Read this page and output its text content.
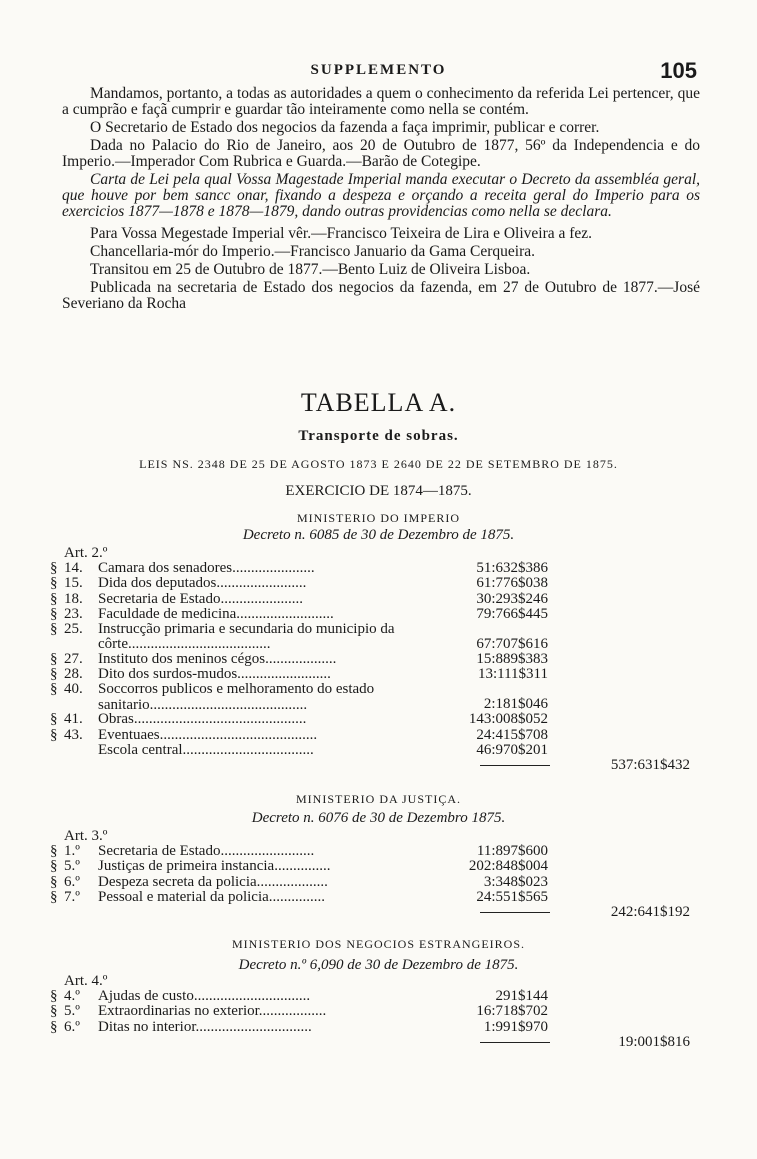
SUPPLEMENTO	105

Mandamos, portanto, a todas as autoridades a quem o conhecimento da referida Lei pertencer, que a cumprão e façã cumprir e guardar tão inteiramente como nella se contém.

O Secretario de Estado dos negocios da fazenda a faça imprimir, publicar e correr.

Dada no Palacio do Rio de Janeiro, aos 20 de Outubro de 1877, 56º da Independencia e do Imperio.—Imperador Com Rubrica e Guarda.—Barão de Cotegipe.

Carta de Lei pela qual Vossa Magestade Imperial manda executar o Decreto da assembléa geral, que houve por bem sancc onar, fixando a despeza e orçando a receita geral do Imperio para os exercicios 1877—1878 e 1878—1879, dando outras providencias como nella se declara.

Para Vossa Megestade Imperial vêr.—Francisco Teixeira de Lira e Oliveira a fez.

Chancellaria-mór do Imperio.—Francisco Januario da Gama Cerqueira.

Transitou em 25 de Outubro de 1877.—Bento Luiz de Oliveira Lisboa.

Publicada na secretaria de Estado dos negocios da fazenda, em 27 de Outubro de 1877.—José Severiano da Rocha

TABELLA A.
Transporte de sobras.
LEIS NS. 2348 DE 25 DE AGOSTO 1873 E 2640 DE 22 DE SETEMBRO DE 1875.
EXERCICIO DE 1874—1875.
MINISTERIO DO IMPERIO
Decreto n. 6085 de 30 de Dezembro de 1875.
Art. 2.º
§ 14. Camara dos senadores......................	51:632$386
§ 15. Dida dos deputados........................	61:776$038
§ 18. Secretaria de Estado......................	30:293$246
§ 23. Faculdade de medicina..........................	79:766$445
§ 25. Instrucção primaria e secundaria do municipio da côrte......................................	67:707$616
§ 27. Instituto dos meninos cégos...................	15:889$383
§ 28. Dito dos surdos-mudos.........................	13:111$311
§ 40. Soccorros publicos e melhoramento do estado sanitario..........................................	2:181$046
§ 41. Obras..............................................	143:008$052
§ 43. Eventuaes..........................................	24:415$708
Escola central...................................	46:970$201
537:631$432
MINISTERIO DA JUSTIÇA.
Decreto n. 6076 de 30 de Dezembro 1875.
Art. 3.º
§ 1.º Secretaria de Estado.........................	11:897$600
§ 5.º Justiças de primeira instancia...............	202:848$004
§ 6.º Despeza secreta da policia...................	3:348$023
§ 7.º Pessoal e material da policia...............	24:551$565
242:641$192
MINISTERIO DOS NEGOCIOS ESTRANGEIROS.
Decreto n.º 6,090 de 30 de Dezembro de 1875.
Art. 4.º
§ 4.º Ajudas de custo...............................	291$144
§ 5.º Extraordinarias no exterior..................	16:718$702
§ 6.º Ditas no interior...............................	1:991$970
19:001$816
